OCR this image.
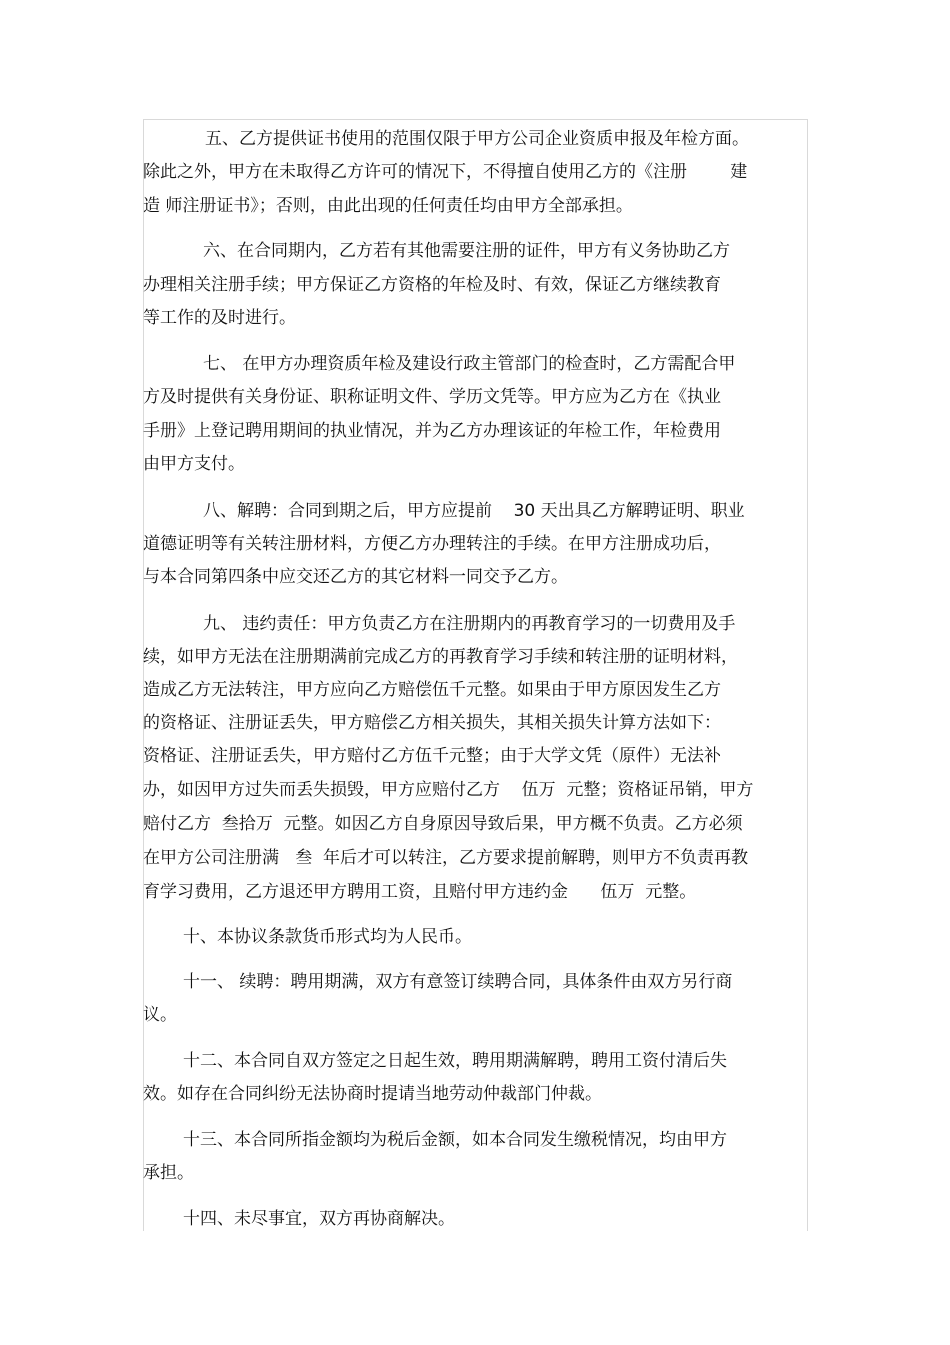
五、乙方提供证书使用的范围仅限于甲方公司企业资质申报及年检方面。

除此之外，甲方在未取得乙方许可的情况下，不得擅自使用乙方的《注册        建

造 师注册证书》；否则，由此出现的任何责任均由甲方全部承担。

六、在合同期内，乙方若有其他需要注册的证件，甲方有义务协助乙方

办理相关注册手续；甲方保证乙方资格的年检及时、有效，保证乙方继续教育

等工作的及时进行。

七、 在甲方办理资质年检及建设行政主管部门的检查时，乙方需配合甲

方及时提供有关身份证、职称证明文件、学历文凭等。甲方应为乙方在《执业

手册》上登记聘用期间的执业情况，并为乙方办理该证的年检工作，年检费用

由甲方支付。

八、解聘：合同到期之后，甲方应提前    30 天出具乙方解聘证明、职业

道德证明等有关转注册材料，方便乙方办理转注的手续。在甲方注册成功后，

与本合同第四条中应交还乙方的其它材料一同交予乙方。

九、 违约责任：甲方负责乙方在注册期内的再教育学习的一切费用及手

续，如甲方无法在注册期满前完成乙方的再教育学习手续和转注册的证明材料，

造成乙方无法转注，甲方应向乙方赔偿伍千元整。如果由于甲方原因发生乙方

的资格证、注册证丢失，甲方赔偿乙方相关损失，其相关损失计算方法如下：

资格证、注册证丢失，甲方赔付乙方伍千元整；由于大学文凭（原件）无法补

办，如因甲方过失而丢失损毁，甲方应赔付乙方    伍万  元整；资格证吊销，甲方

赔付乙方  叁拾万  元整。如因乙方自身原因导致后果，甲方概不负责。乙方必须

在甲方公司注册满   叁  年后才可以转注，乙方要求提前解聘，则甲方不负责再教

育学习费用，乙方退还甲方聘用工资，且赔付甲方违约金      伍万  元整。

十、本协议条款货币形式均为人民币。

十一、 续聘：聘用期满，双方有意签订续聘合同，具体条件由双方另行商

议。

十二、本合同自双方签定之日起生效，聘用期满解聘，聘用工资付清后失

效。如存在合同纠纷无法协商时提请当地劳动仲裁部门仲裁。

十三、本合同所指金额均为税后金额，如本合同发生缴税情况，均由甲方

承担。

十四、未尽事宜，双方再协商解决。
